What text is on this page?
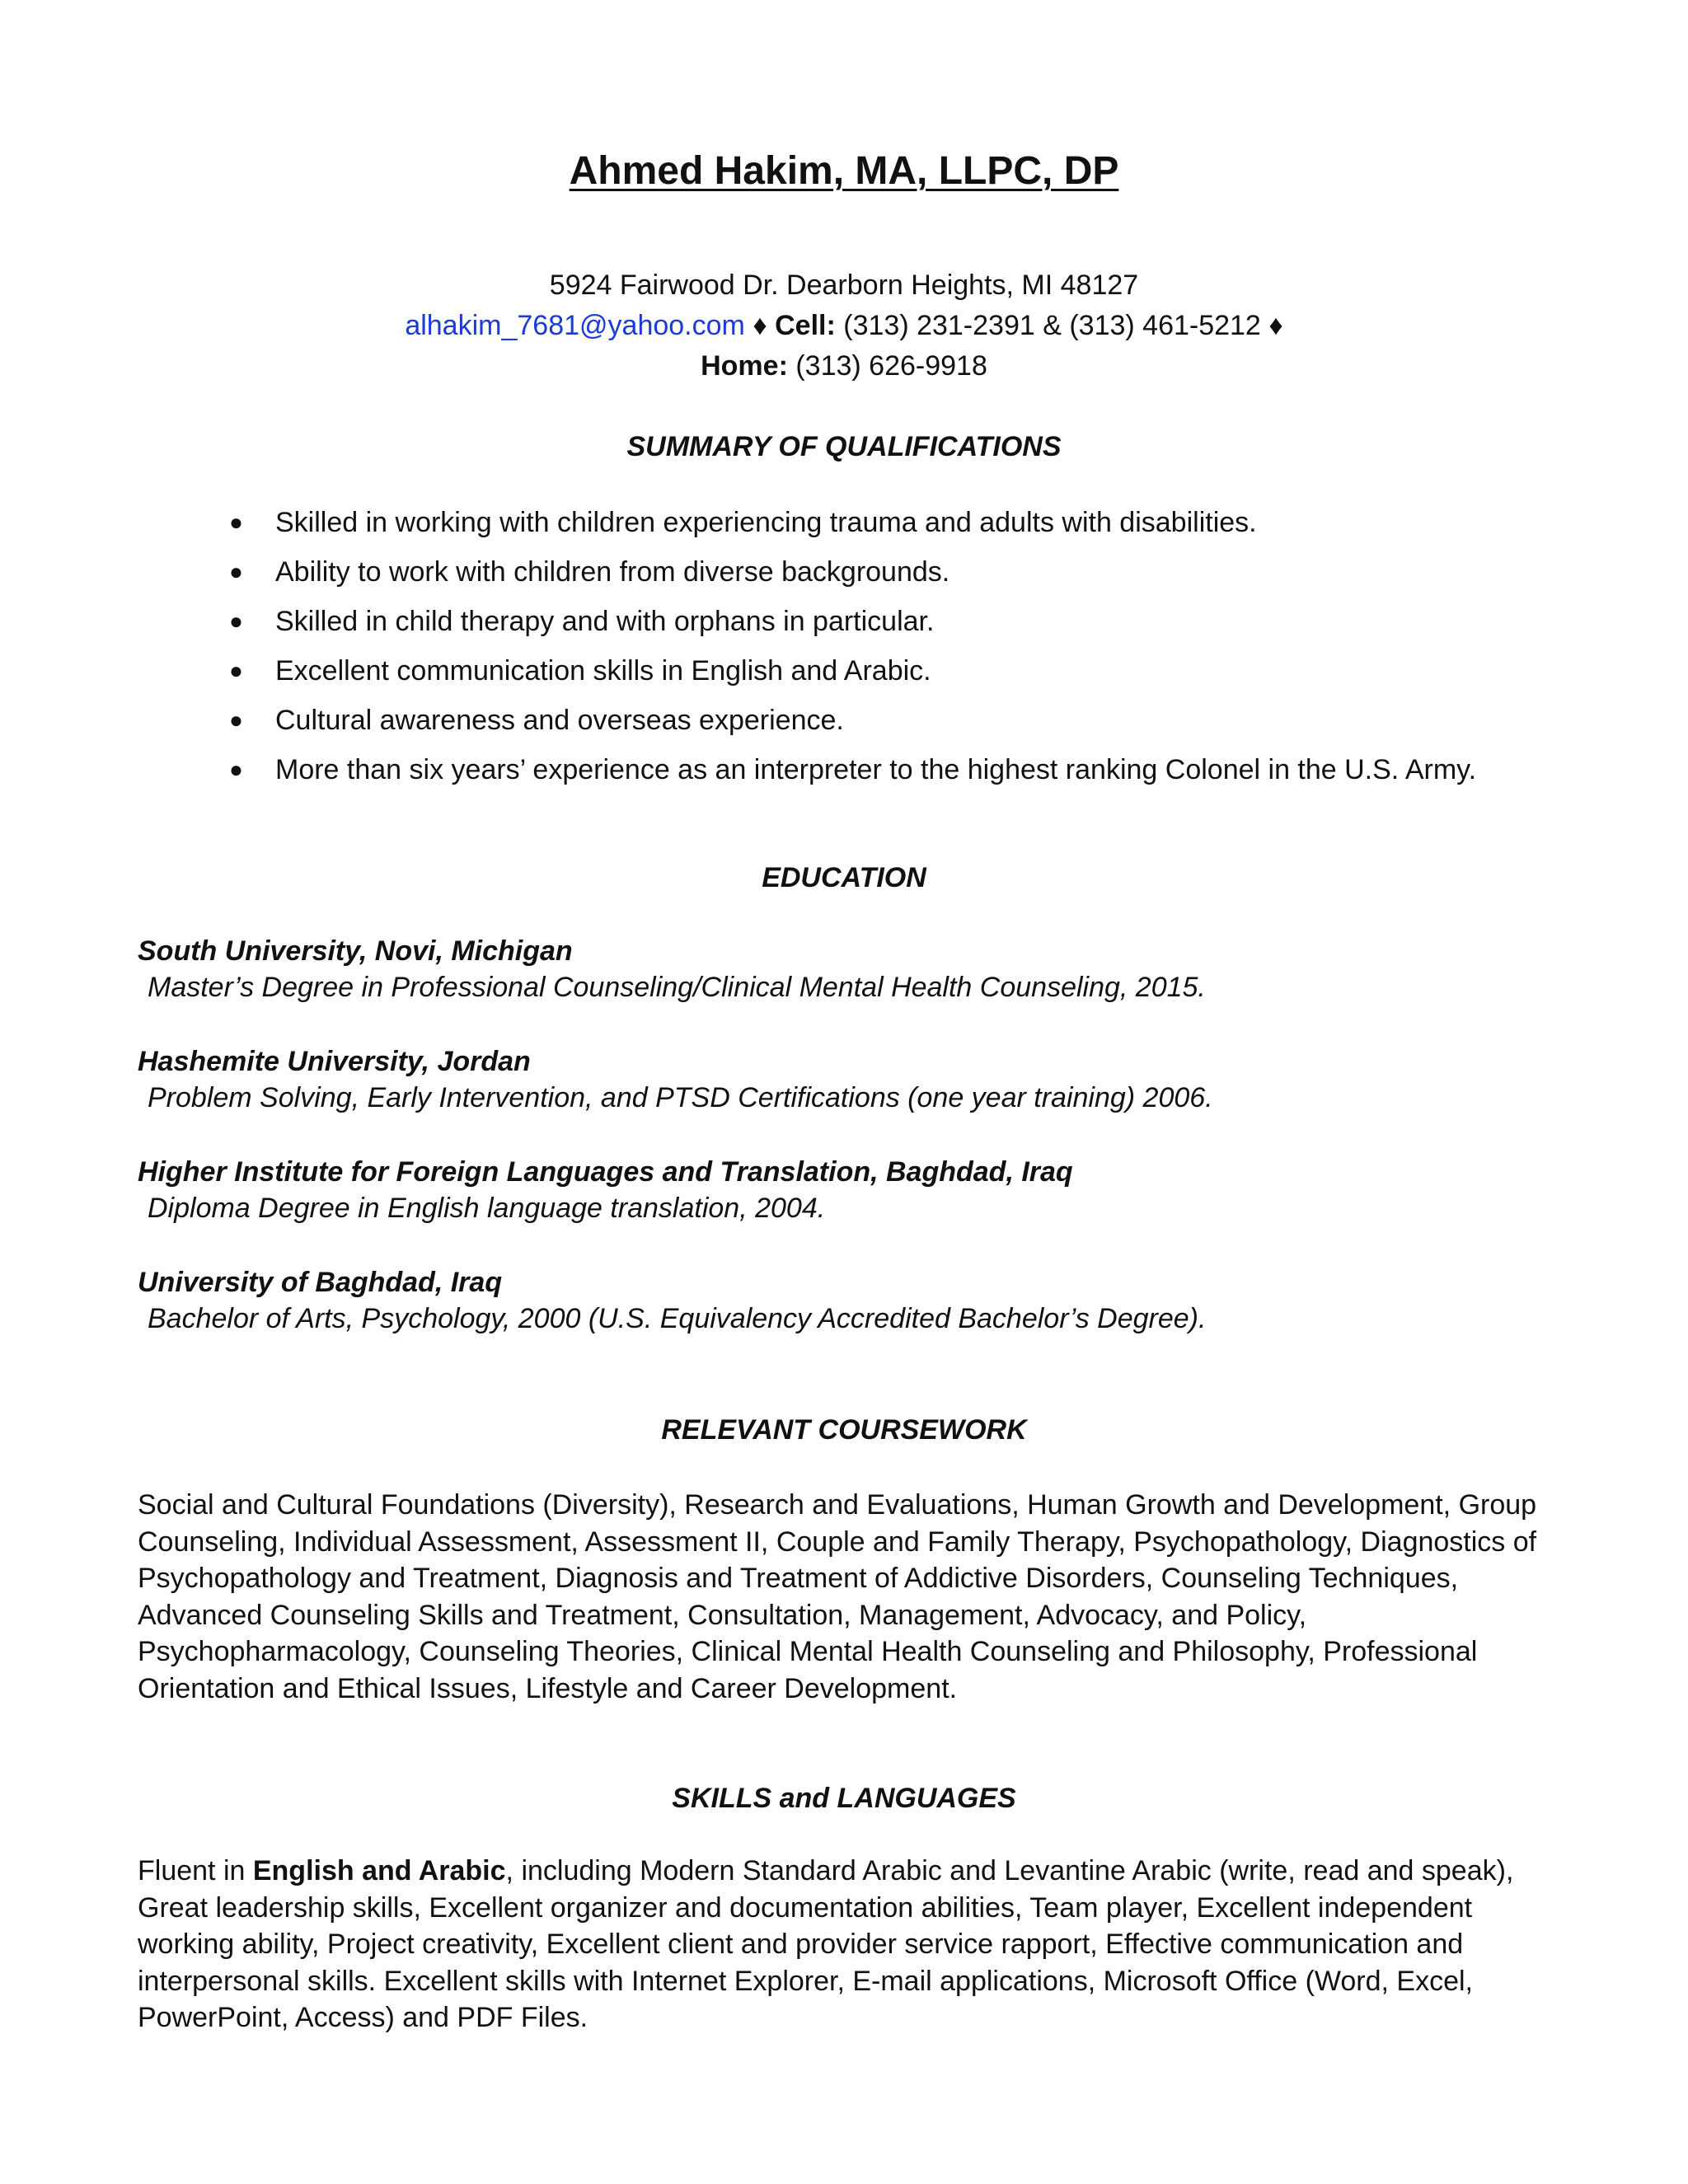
Ahmed Hakim, MA, LLPC, DP
5924 Fairwood Dr. Dearborn Heights, MI 48127
alhakim_7681@yahoo.com ♦ Cell: (313) 231-2391 & (313) 461-5212 ♦
Home: (313) 626-9918
SUMMARY OF QUALIFICATIONS
● Skilled in working with children experiencing trauma and adults with disabilities.
● Ability to work with children from diverse backgrounds.
● Skilled in child therapy and with orphans in particular.
● Excellent communication skills in English and Arabic.
● Cultural awareness and overseas experience.
● More than six years’ experience as an interpreter to the highest ranking Colonel in the U.S. Army.
EDUCATION
South University, Novi, Michigan
Master’s Degree in Professional Counseling/Clinical Mental Health Counseling, 2015.
Hashemite University, Jordan
Problem Solving, Early Intervention, and PTSD Certifications (one year training) 2006.
Higher Institute for Foreign Languages and Translation, Baghdad, Iraq
Diploma Degree in English language translation, 2004.
University of Baghdad, Iraq
Bachelor of Arts, Psychology, 2000 (U.S. Equivalency Accredited Bachelor’s Degree).
RELEVANT COURSEWORK

Social and Cultural Foundations (Diversity), Research and Evaluations, Human Growth and Development, Group Counseling, Individual Assessment, Assessment II, Couple and Family Therapy, Psychopathology, Diagnostics of Psychopathology and Treatment, Diagnosis and Treatment of Addictive Disorders, Counseling Techniques, Advanced Counseling Skills and Treatment, Consultation, Management, Advocacy, and Policy, Psychopharmacology, Counseling Theories, Clinical Mental Health Counseling and Philosophy, Professional Orientation and Ethical Issues, Lifestyle and Career Development.

SKILLS and LANGUAGES

Fluent in English and Arabic, including Modern Standard Arabic and Levantine Arabic (write, read and speak), Great leadership skills, Excellent organizer and documentation abilities, Team player, Excellent independent working ability, Project creativity, Excellent client and provider service rapport, Effective communication and interpersonal skills. Excellent skills with Internet Explorer, E-mail applications, Microsoft Office (Word, Excel, PowerPoint, Access) and PDF Files.
